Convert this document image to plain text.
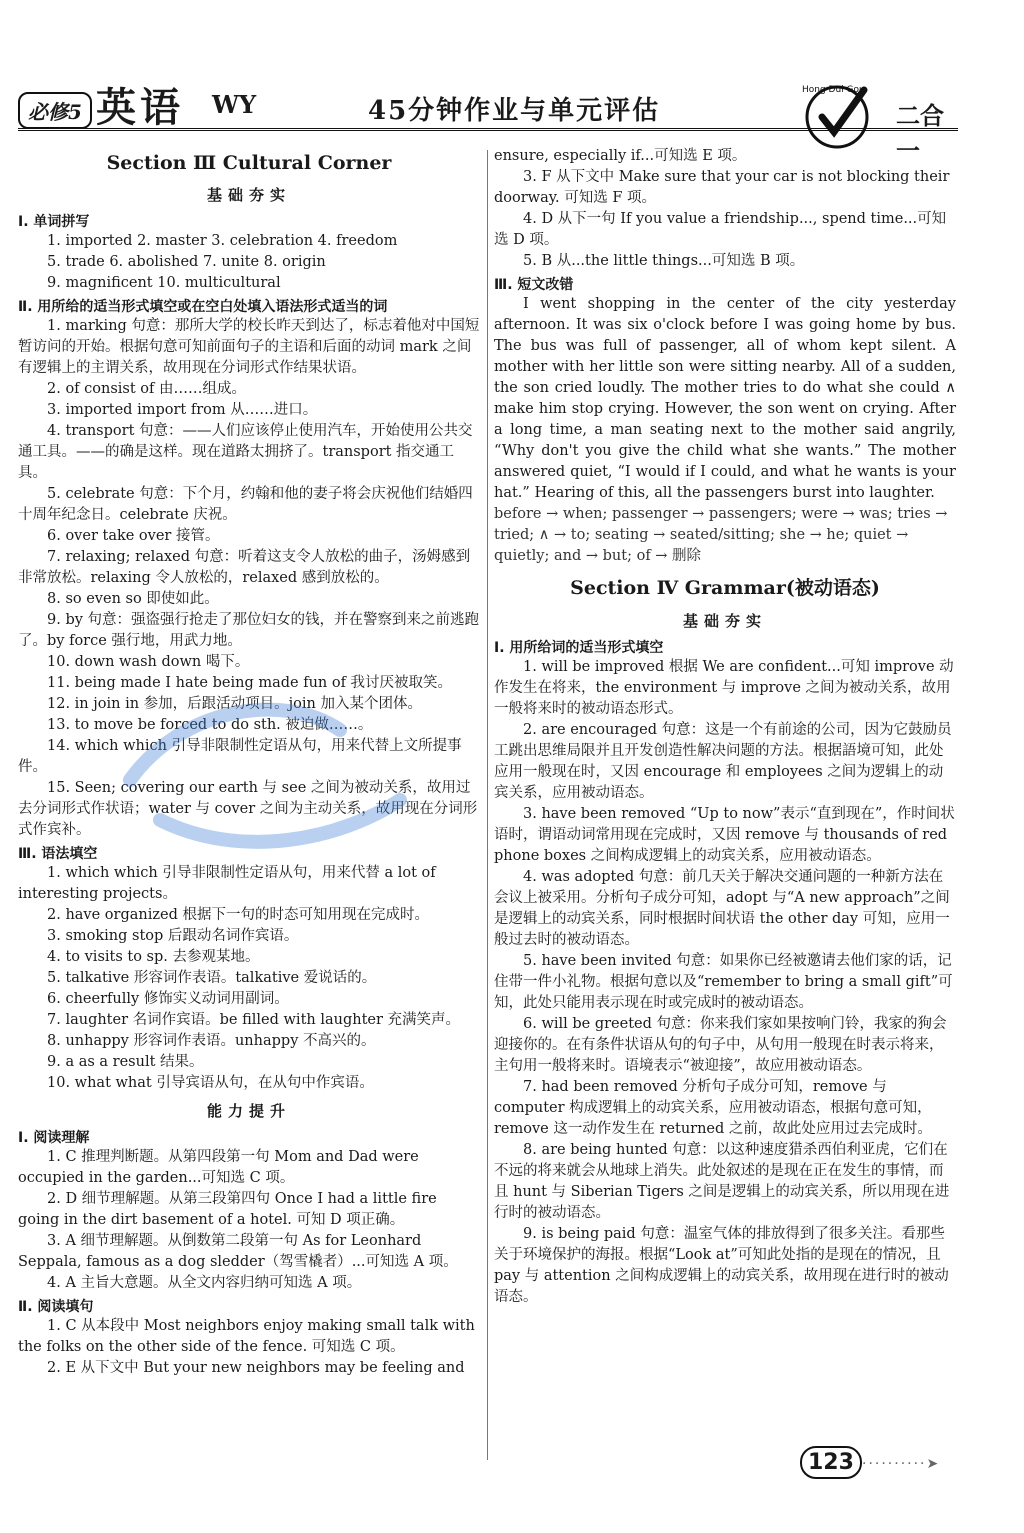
必修5 英语 WY	45分钟作业与单元评估
Hong Dui Gou
二合一
Section Ⅲ Cultural Corner
基础夯实
Ⅰ. 单词拼写
1. imported 2. master 3. celebration 4. freedom
5. trade 6. abolished 7. unite 8. origin
9. magnificent 10. multicultural
Ⅱ. 用所给的适当形式填空或在空白处填入语法形式适当的词

1. marking 句意：那所大学的校长昨天到达了，标志着他对中国短暂访问的开始。根据句意可知前面句子的主语和后面的动词 mark 之间有逻辑上的主谓关系，故用现在分词形式作结果状语。

2. of consist of 由……组成。

3. imported import from 从……进口。

4. transport 句意：——人们应该停止使用汽车，开始使用公共交通工具。——的确是这样。现在道路太拥挤了。transport 指交通工具。

5. celebrate 句意：下个月，约翰和他的妻子将会庆祝他们结婚四十周年纪念日。celebrate 庆祝。

6. over take over 接管。

7. relaxing; relaxed 句意：听着这支令人放松的曲子，汤姆感到非常放松。relaxing 令人放松的，relaxed 感到放松的。

8. so even so 即使如此。

9. by 句意：强盗强行抢走了那位妇女的钱，并在警察到来之前逃跑了。by force 强行地，用武力地。

10. down wash down 喝下。

11. being made I hate being made fun of 我讨厌被取笑。

12. in join in 参加，后跟活动项目。join 加入某个团体。

13. to move be forced to do sth. 被迫做……。

14. which which 引导非限制性定语从句，用来代替上文所提事件。

15. Seen; covering our earth 与 see 之间为被动关系，故用过去分词形式作状语；water 与 cover 之间为主动关系，故用现在分词形式作宾补。

Ⅲ. 语法填空

1. which which 引导非限制性定语从句，用来代替 a lot of interesting projects。

2. have organized 根据下一句的时态可知用现在完成时。

3. smoking stop 后跟动名词作宾语。

4. to visits to sp. 去参观某地。

5. talkative 形容词作表语。talkative 爱说话的。

6. cheerfully 修饰实义动词用副词。

7. laughter 名词作宾语。be filled with laughter 充满笑声。

8. unhappy 形容词作表语。unhappy 不高兴的。

9. a as a result 结果。

10. what what 引导宾语从句，在从句中作宾语。

能力提升
Ⅰ. 阅读理解

1. C 推理判断题。从第四段第一句 Mom and Dad were occupied in the garden...可知选 C 项。

2. D 细节理解题。从第三段第四句 Once I had a little fire going in the dirt basement of a hotel. 可知 D 项正确。

3. A 细节理解题。从倒数第二段第一句 As for Leonhard Seppala, famous as a dog sledder（驾雪橇者）...可知选 A 项。

4. A 主旨大意题。从全文内容归纳可知选 A 项。

Ⅱ. 阅读填句

1. C 从本段中 Most neighbors enjoy making small talk with the folks on the other side of the fence. 可知选 C 项。

2. E 从下文中 But your new neighbors may be feeling and

ensure, especially if...可知选 E 项。

3. F 从下文中 Make sure that your car is not blocking their doorway. 可知选 F 项。

4. D 从下一句 If you value a friendship..., spend time...可知选 D 项。

5. B 从...the little things...可知选 B 项。

Ⅲ. 短文改错

I went shopping in the center of the city yesterday afternoon. It was six o'clock before I was going home by bus. The bus was full of passenger, all of whom kept silent. A mother with her little son were sitting nearby. All of a sudden, the son cried loudly. The mother tries to do what she could ∧ make him stop crying. However, the son went on crying. After a long time, a man seating next to the mother said angrily, “Why don't you give the child what she wants.” The mother answered quiet, “I would if I could, and what he wants is your hat.” Hearing of this, all the passengers burst into laughter.

before → when; passenger → passengers; were → was; tries → tried; ∧ → to; seating → seated/sitting; she → he; quiet → quietly; and → but; of → 删除

Section Ⅳ Grammar(被动语态)
基础夯实
Ⅰ. 用所给词的适当形式填空

1. will be improved 根据 We are confident...可知 improve 动作发生在将来，the environment 与 improve 之间为被动关系，故用一般将来时的被动语态形式。

2. are encouraged 句意：这是一个有前途的公司，因为它鼓励员工跳出思维局限并且开发创造性解决问题的方法。根据語境可知，此处应用一般现在时，又因 encourage 和 employees 之间为逻辑上的动宾关系，应用被动语态。

3. have been removed “Up to now”表示“直到现在”，作时间状语时，谓语动词常用现在完成时，又因 remove 与 thousands of red phone boxes 之间构成逻辑上的动宾关系，应用被动语态。

4. was adopted 句意：前几天关于解决交通问题的一种新方法在会议上被采用。分析句子成分可知，adopt 与“A new approach”之间是逻辑上的动宾关系，同时根据时间状语 the other day 可知，应用一般过去时的被动语态。

5. have been invited 句意：如果你已经被邀请去他们家的话，记住带一件小礼物。根据句意以及“remember to bring a small gift”可知，此处只能用表示现在时或完成时的被动语态。

6. will be greeted 句意：你来我们家如果按响门铃，我家的狗会迎接你的。在有条件状语从句的句子中，从句用一般现在时表示将来，主句用一般将来时。语境表示“被迎接”，故应用被动语态。

7. had been removed 分析句子成分可知，remove 与 computer 构成逻辑上的动宾关系，应用被动语态，根据句意可知，remove 这一动作发生在 returned 之前，故此处应用过去完成时。

8. are being hunted 句意：以这种速度猎杀西伯利亚虎，它们在不远的将来就会从地球上消失。此处叙述的是现在正在发生的事情，而且 hunt 与 Siberian Tigers 之间是逻辑上的动宾关系，所以用现在进行时的被动语态。

9. is being paid 句意：温室气体的排放得到了很多关注。看那些关于环境保护的海报。根据“Look at”可知此处指的是现在的情况，且 pay 与 attention 之间构成逻辑上的动宾关系，故用现在进行时的被动语态。

123 ··········➤
